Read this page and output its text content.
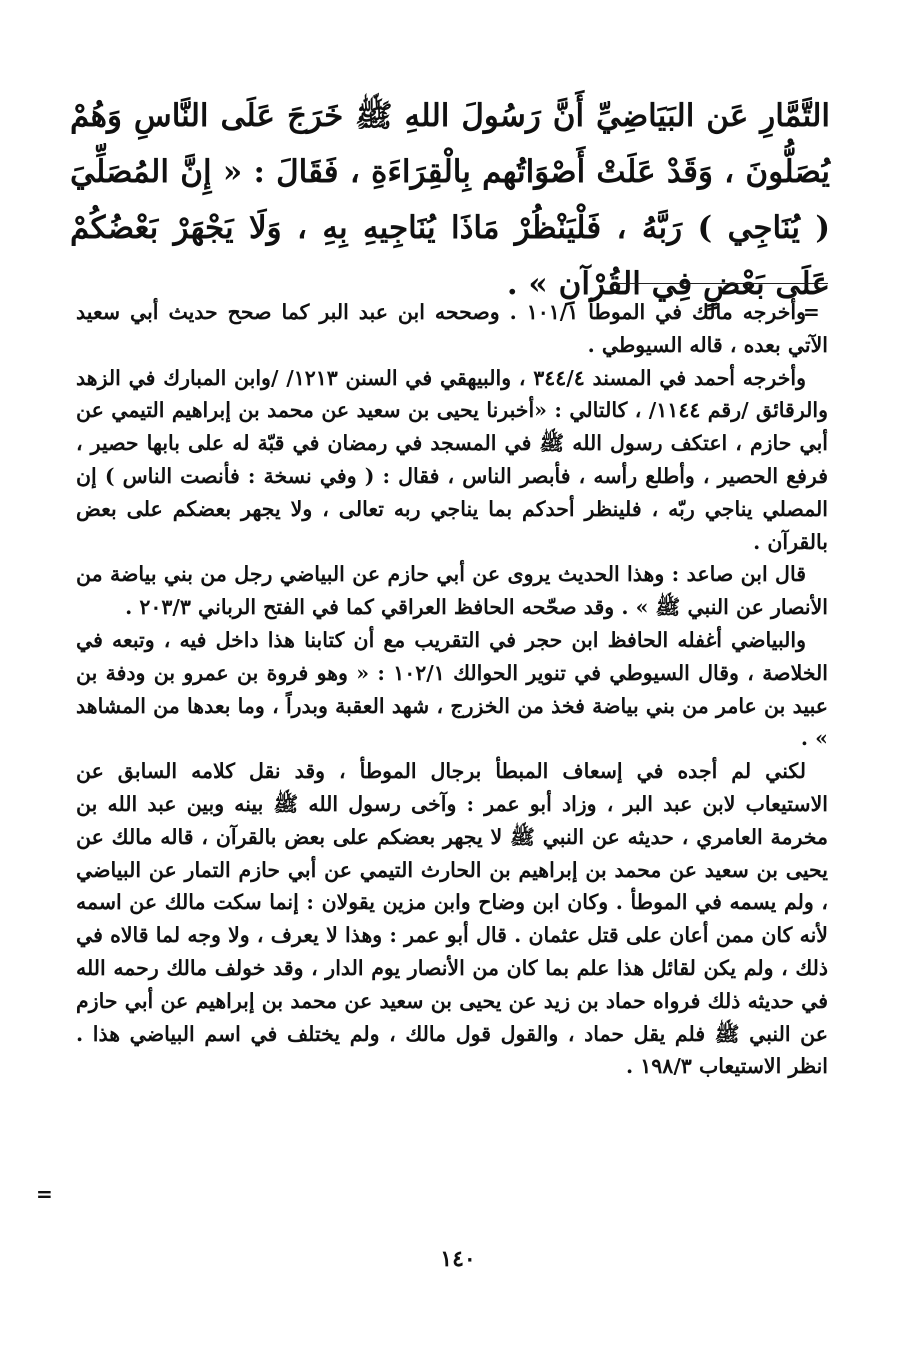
التَّمَّارِ عَن البَيَاضِيِّ أَنَّ رَسُولَ اللهِ ﷺ خَرَجَ عَلَى النَّاسِ وَهُمْ يُصَلُّونَ ، وَقَدْ عَلَتْ أَصْوَاتُهم بِالْقِرَاءَةِ ، فَقَالَ : « إِنَّ المُصَلِّيَ ( يُنَاجِي ) رَبَّهُ ، فَلْيَنْظُرْ مَاذَا يُنَاجِيهِ بِهِ ، وَلَا يَجْهَرْ بَعْضُكُمْ عَلَى بَعْضٍ فِي القُرْآنِ » .
=

وأخرجه مالك في الموطأ ١٠١/١ . وصححه ابن عبد البر كما صحح حديث أبي سعيد الآتي بعده ، قاله السيوطي .

وأخرجه أحمد في المسند ٣٤٤/٤ ، والبيهقي في السنن ١٢١٣/ /وابن المبارك في الزهد والرقائق /رقم ١١٤٤/ ، كالتالي : «أخبرنا يحيى بن سعيد عن محمد بن إبراهيم التيمي عن أبي حازم ، اعتكف رسول الله ﷺ في المسجد في رمضان في قبّة له على بابها حصير ، فرفع الحصير ، وأطلع رأسه ، فأبصر الناس ، فقال : ( وفي نسخة : فأنصت الناس ) إن المصلي يناجي ربّه ، فلينظر أحدكم بما يناجي ربه تعالى ، ولا يجهر بعضكم على بعض بالقرآن .

قال ابن صاعد : وهذا الحديث يروى عن أبي حازم عن البياضي رجل من بني بياضة من الأنصار عن النبي ﷺ » . وقد صحّحه الحافظ العراقي كما في الفتح الرباني ٢٠٣/٣ .

والبياضي أغفله الحافظ ابن حجر في التقريب مع أن كتابنا هذا داخل فيه ، وتبعه في الخلاصة ، وقال السيوطي في تنوير الحوالك ١٠٢/١ : « وهو فروة بن عمرو بن ودفة بن عبيد بن عامر من بني بياضة فخذ من الخزرج ، شهد العقبة وبدراً ، وما بعدها من المشاهد » .

لكني لم أجده في إسعاف المبطأ برجال الموطأ ، وقد نقل كلامه السابق عن الاستيعاب لابن عبد البر ، وزاد أبو عمر : وآخى رسول الله ﷺ بينه وبين عبد الله بن مخرمة العامري ، حديثه عن النبي ﷺ لا يجهر بعضكم على بعض بالقرآن ، قاله مالك عن يحيى بن سعيد عن محمد بن إبراهيم بن الحارث التيمي عن أبي حازم التمار عن البياضي ، ولم يسمه في الموطأ . وكان ابن وضاح وابن مزين يقولان : إنما سكت مالك عن اسمه لأنه كان ممن أعان على قتل عثمان . قال أبو عمر : وهذا لا يعرف ، ولا وجه لما قالاه في ذلك ، ولم يكن لقائل هذا علم بما كان من الأنصار يوم الدار ، وقد خولف مالك رحمه الله في حديثه ذلك فرواه حماد بن زيد عن يحيى بن سعيد عن محمد بن إبراهيم عن أبي حازم عن النبي ﷺ فلم يقل حماد ، والقول قول مالك ، ولم يختلف في اسم البياضي هذا . انظر الاستيعاب ١٩٨/٣ .

=
١٤٠
